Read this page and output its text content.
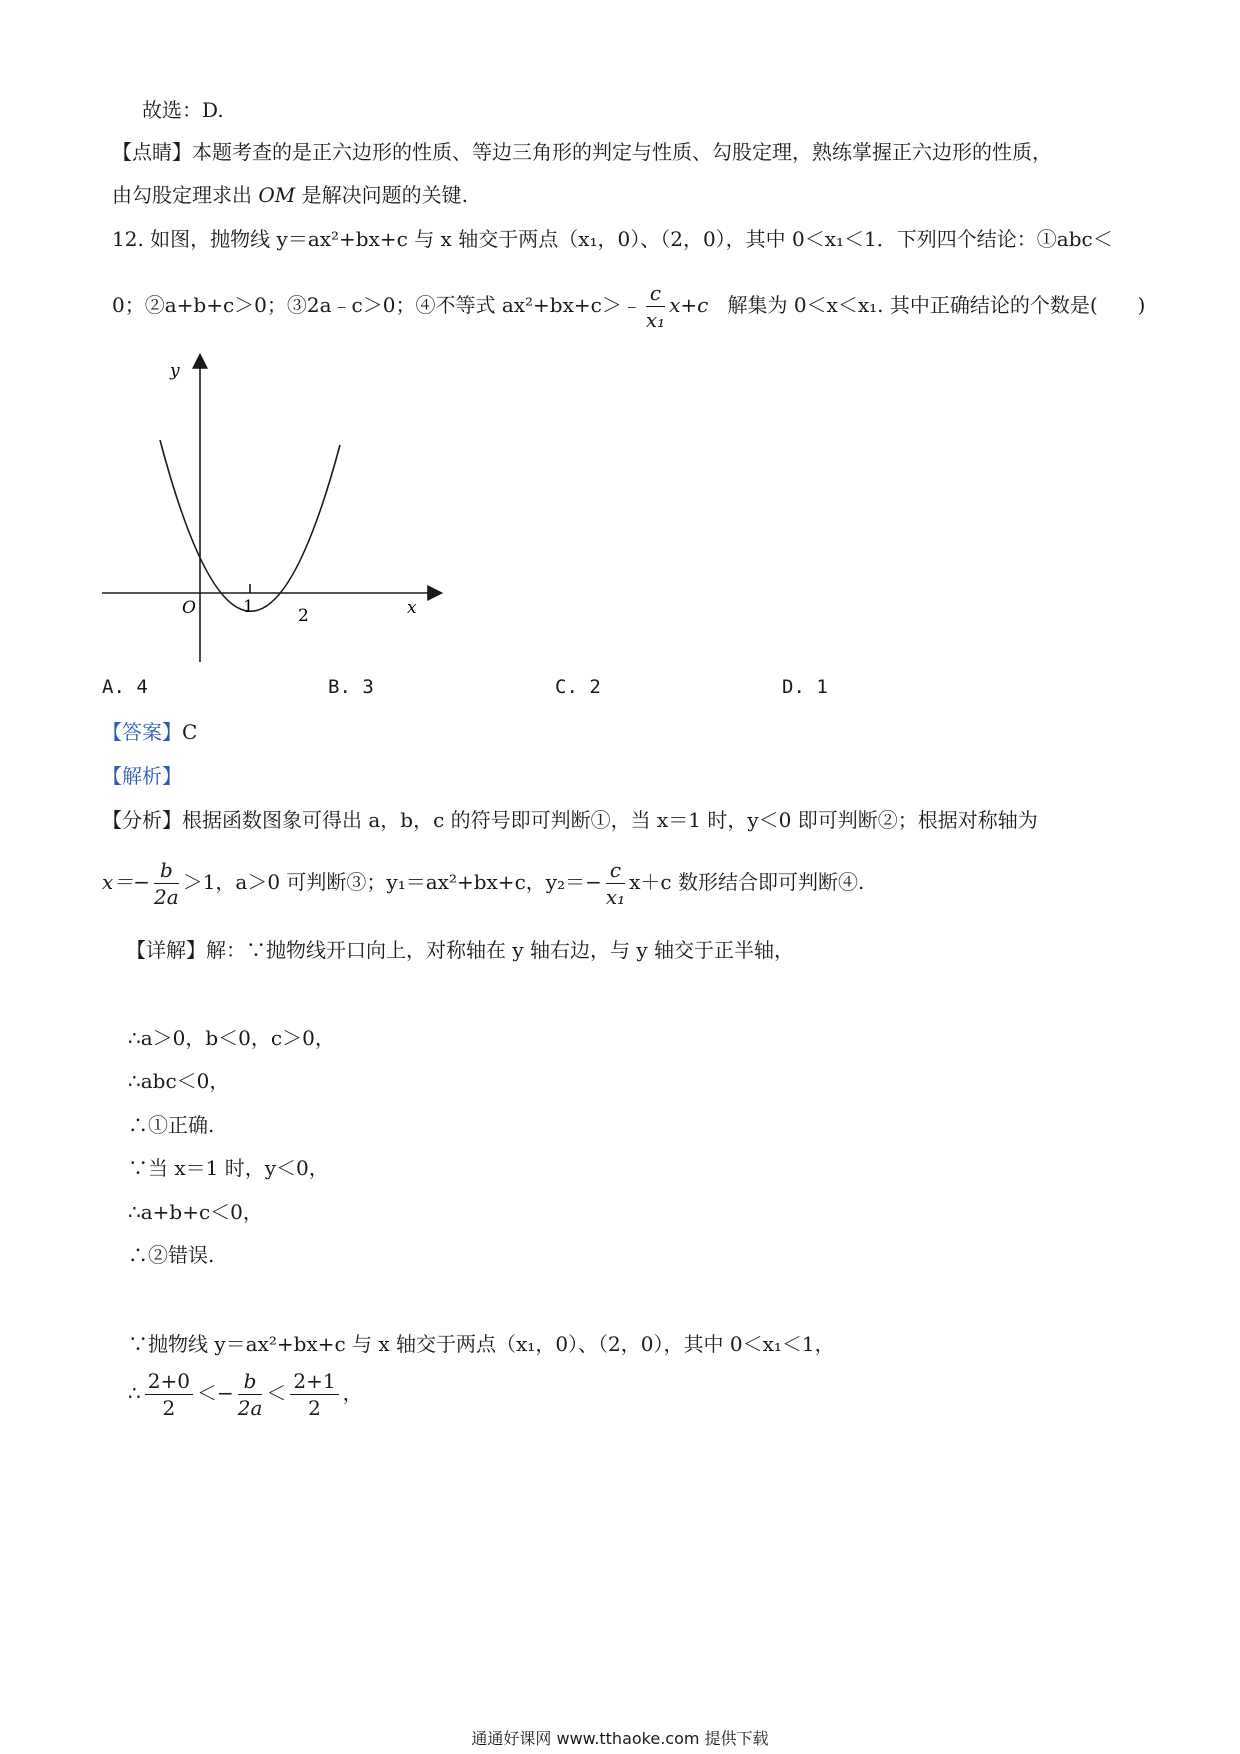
故选：D.
【点睛】本题考查的是正六边形的性质、等边三角形的判定与性质、勾股定理，熟练掌握正六边形的性质，
由勾股定理求出 OM 是解决问题的关键.
12. 如图，抛物线 y＝ax²+bx+c 与 x 轴交于两点（x₁，0）、（2，0），其中 0＜x₁＜1．下列四个结论：①abc＜
0；②a+b+c＞0；③2a﹣c＞0；④不等式 ax²+bx+c＞﹣ $\frac{c}{\text{x₁}} x+c$ 解集为 0＜x＜x₁. 其中正确结论的个数是(　　)
y
x
O	1	2
A. 4	B. 3	C. 2	D. 1
【答案】C
【解析】
【分析】根据函数图象可得出 a，b，c 的符号即可判断①，当 x＝1 时，y＜0 即可判断②；根据对称轴为
$x=- \frac{b}{2a} >1$，a＞0 可判断③；y₁＝ax²+bx+c，$y_2=- \frac{c}{\text{x₁}} x+c$ 数形结合即可判断④.
【详解】解：∵抛物线开口向上，对称轴在 y 轴右边，与 y 轴交于正半轴，
∴a＞0，b＜0，c＞0，
∴abc＜0，
∴①正确.
∵当 x＝1 时，y＜0，
∴a+b+c＜0，
∴②错误.
∵抛物线 y＝ax²+bx+c 与 x 轴交于两点（x₁，0）、（2，0），其中 0＜x₁＜1，
∴ $\frac{2+0}{2} <- \frac{b}{2a} < \frac{2+1}{2}$ ，
通通好课网 www.tthaoke.com 提供下载
